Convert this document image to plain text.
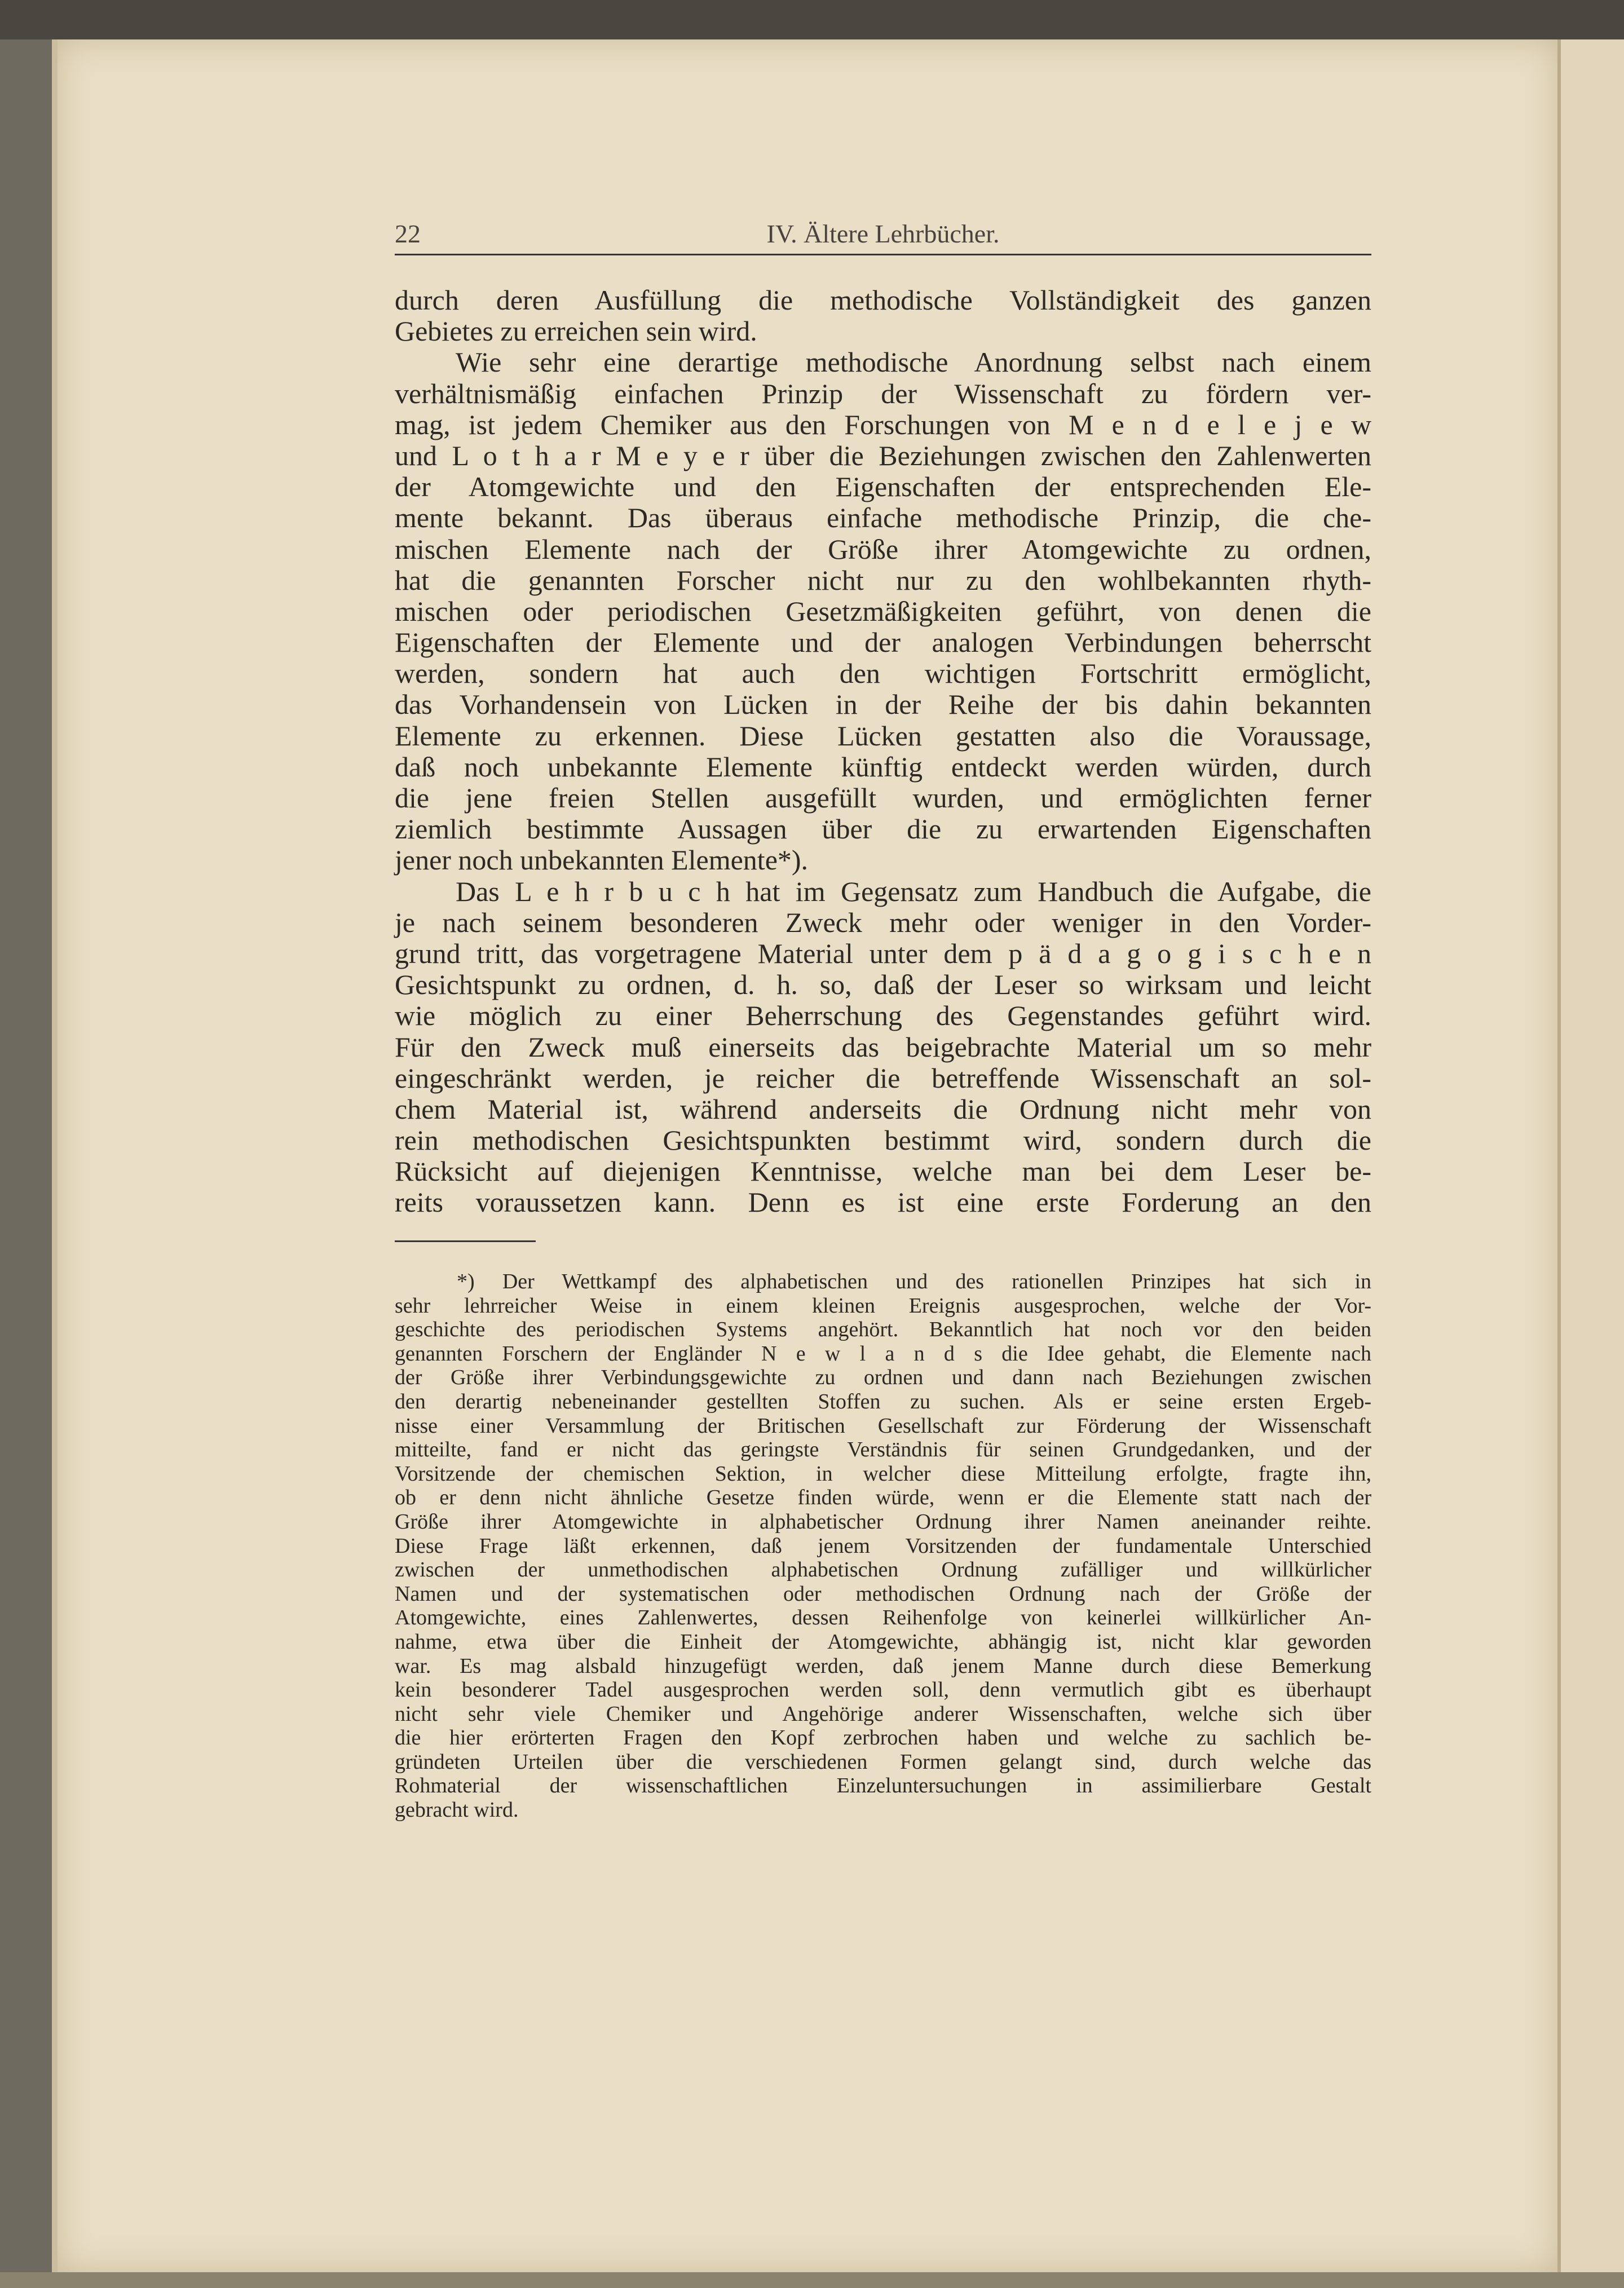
22	IV. Ältere Lehrbücher.
durch deren Ausfüllung die methodische Vollständigkeit des ganzen
Gebietes zu erreichen sein wird.
Wie sehr eine derartige methodische Anordnung selbst nach einem
verhältnismäßig einfachen Prinzip der Wissenschaft zu fördern ver-
mag, ist jedem Chemiker aus den Forschungen von M e n d e l e j e w
und L o t h a r M e y e r über die Beziehungen zwischen den Zahlenwerten
der Atomgewichte und den Eigenschaften der entsprechenden Ele-
mente bekannt. Das überaus einfache methodische Prinzip, die che-
mischen Elemente nach der Größe ihrer Atomgewichte zu ordnen,
hat die genannten Forscher nicht nur zu den wohlbekannten rhyth-
mischen oder periodischen Gesetzmäßigkeiten geführt, von denen die
Eigenschaften der Elemente und der analogen Verbindungen beherrscht
werden, sondern hat auch den wichtigen Fortschritt ermöglicht,
das Vorhandensein von Lücken in der Reihe der bis dahin bekannten
Elemente zu erkennen. Diese Lücken gestatten also die Voraussage,
daß noch unbekannte Elemente künftig entdeckt werden würden, durch
die jene freien Stellen ausgefüllt wurden, und ermöglichten ferner
ziemlich bestimmte Aussagen über die zu erwartenden Eigenschaften
jener noch unbekannten Elemente*).
Das L e h r b u c h hat im Gegensatz zum Handbuch die Aufgabe, die
je nach seinem besonderen Zweck mehr oder weniger in den Vorder-
grund tritt, das vorgetragene Material unter dem p ä d a g o g i s c h e n
Gesichtspunkt zu ordnen, d. h. so, daß der Leser so wirksam und leicht
wie möglich zu einer Beherrschung des Gegenstandes geführt wird.
Für den Zweck muß einerseits das beigebrachte Material um so mehr
eingeschränkt werden, je reicher die betreffende Wissenschaft an sol-
chem Material ist, während anderseits die Ordnung nicht mehr von
rein methodischen Gesichtspunkten bestimmt wird, sondern durch die
Rücksicht auf diejenigen Kenntnisse, welche man bei dem Leser be-
reits voraussetzen kann. Denn es ist eine erste Forderung an den
*) Der Wettkampf des alphabetischen und des rationellen Prinzipes hat sich in
sehr lehrreicher Weise in einem kleinen Ereignis ausgesprochen, welche der Vor-
geschichte des periodischen Systems angehört. Bekanntlich hat noch vor den beiden
genannten Forschern der Engländer N e w l a n d s die Idee gehabt, die Elemente nach
der Größe ihrer Verbindungsgewichte zu ordnen und dann nach Beziehungen zwischen
den derartig nebeneinander gestellten Stoffen zu suchen. Als er seine ersten Ergeb-
nisse einer Versammlung der Britischen Gesellschaft zur Förderung der Wissenschaft
mitteilte, fand er nicht das geringste Verständnis für seinen Grundgedanken, und der
Vorsitzende der chemischen Sektion, in welcher diese Mitteilung erfolgte, fragte ihn,
ob er denn nicht ähnliche Gesetze finden würde, wenn er die Elemente statt nach der
Größe ihrer Atomgewichte in alphabetischer Ordnung ihrer Namen aneinander reihte.
Diese Frage läßt erkennen, daß jenem Vorsitzenden der fundamentale Unterschied
zwischen der unmethodischen alphabetischen Ordnung zufälliger und willkürlicher
Namen und der systematischen oder methodischen Ordnung nach der Größe der
Atomgewichte, eines Zahlenwertes, dessen Reihenfolge von keinerlei willkürlicher An-
nahme, etwa über die Einheit der Atomgewichte, abhängig ist, nicht klar geworden
war. Es mag alsbald hinzugefügt werden, daß jenem Manne durch diese Bemerkung
kein besonderer Tadel ausgesprochen werden soll, denn vermutlich gibt es überhaupt
nicht sehr viele Chemiker und Angehörige anderer Wissenschaften, welche sich über
die hier erörterten Fragen den Kopf zerbrochen haben und welche zu sachlich be-
gründeten Urteilen über die verschiedenen Formen gelangt sind, durch welche das
Rohmaterial der wissenschaftlichen Einzeluntersuchungen in assimilierbare Gestalt
gebracht wird.
